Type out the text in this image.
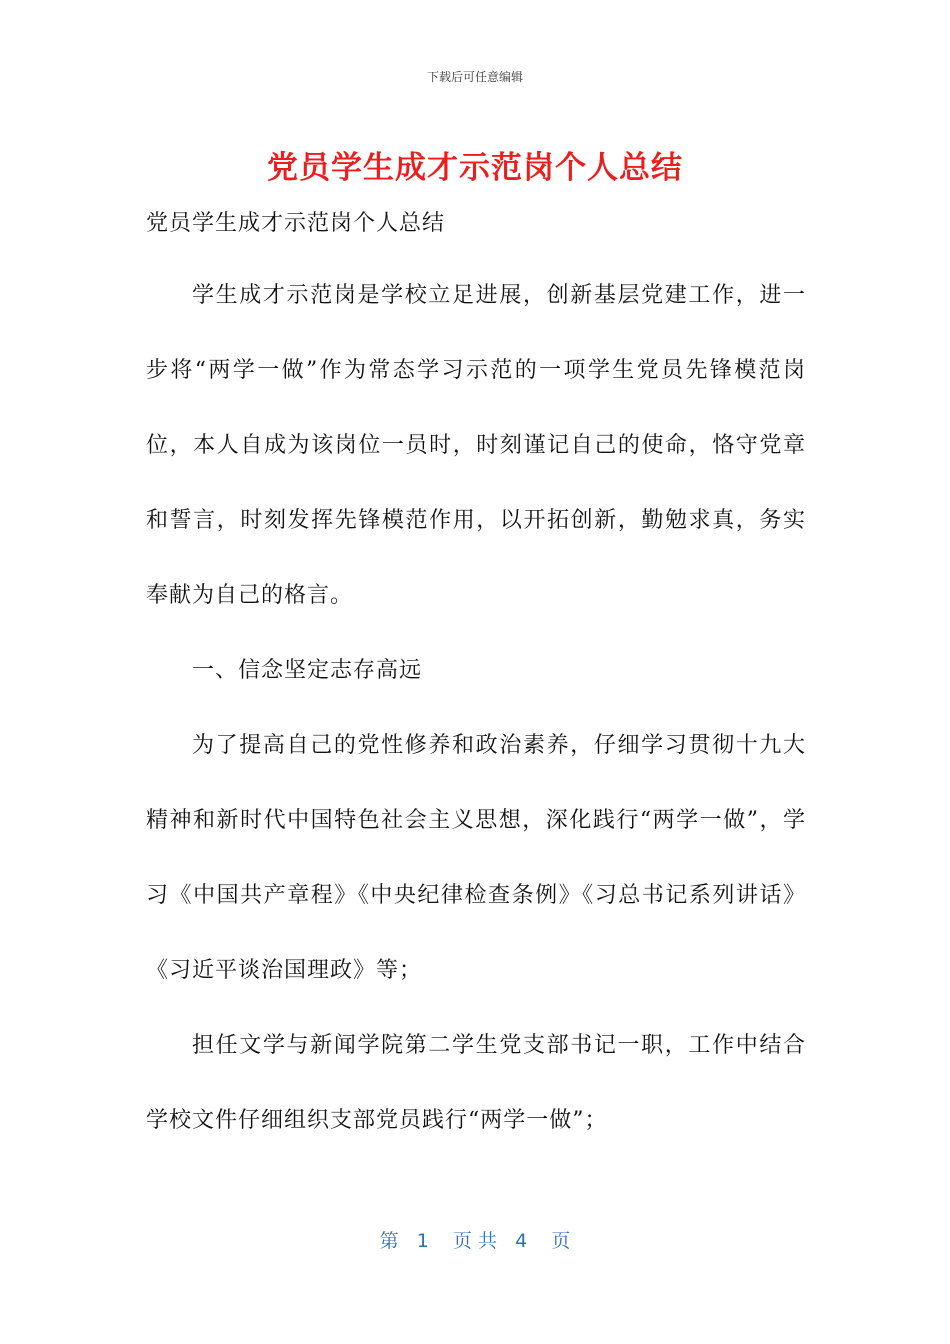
下载后可任意编辑
党员学生成才示范岗个人总结
党员学生成才示范岗个人总结

学生成才示范岗是学校立足进展，创新基层党建工作，进一步将“两学一做”作为常态学习示范的一项学生党员先锋模范岗位，本人自成为该岗位一员时，时刻谨记自己的使命，恪守党章和誓言，时刻发挥先锋模范作用，以开拓创新，勤勉求真，务实奉献为自己的格言。

一、信念坚定志存高远

为了提高自己的党性修养和政治素养，仔细学习贯彻十九大精神和新时代中国特色社会主义思想，深化践行“两学一做”，学习《中国共产章程》《中央纪律检查条例》《习总书记系列讲话》《习近平谈治国理政》等；

担任文学与新闻学院第二学生党支部书记一职，工作中结合学校文件仔细组织支部党员践行“两学一做”；

第   1    页 共   4    页
